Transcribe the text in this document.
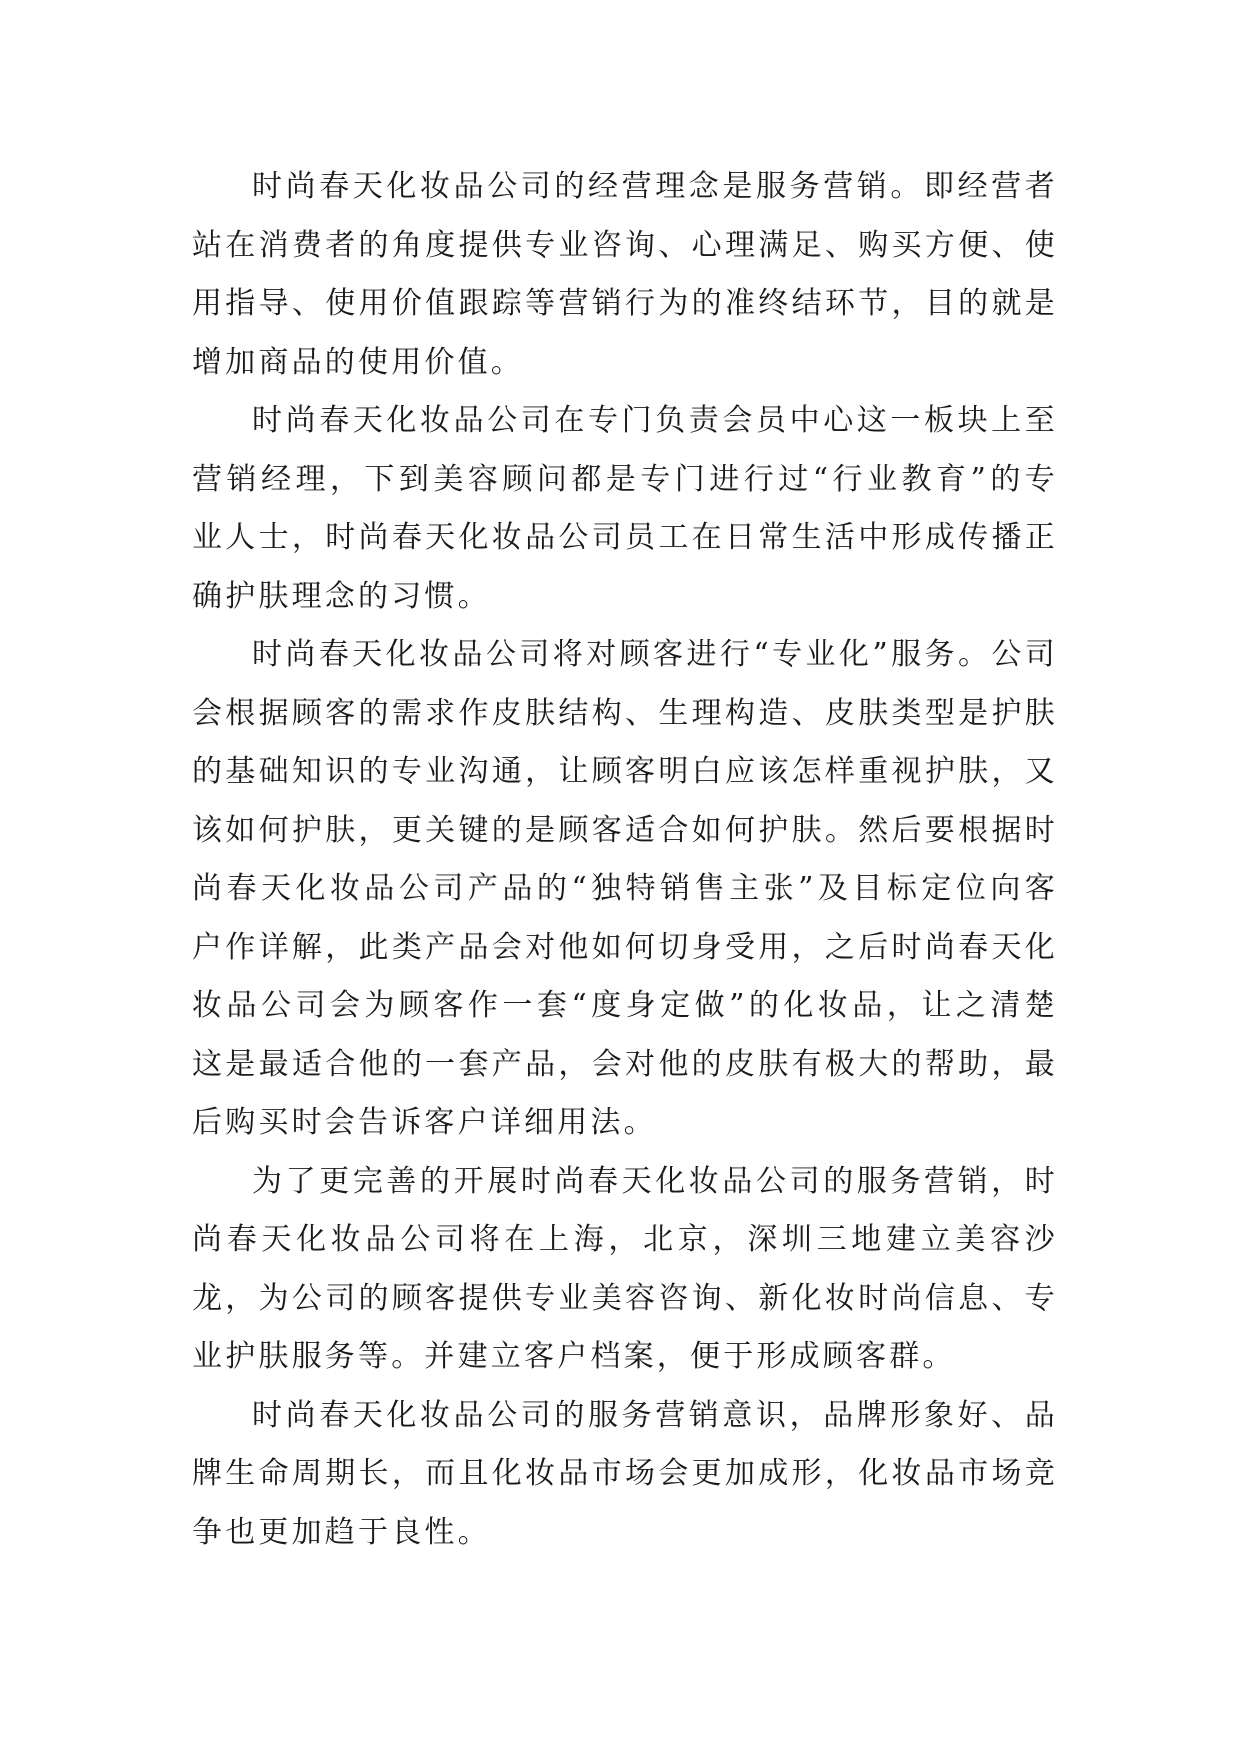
时尚春天化妆品公司的经营理念是服务营销。即经营者站在消费者的角度提供专业咨询、心理满足、购买方便、使用指导、使用价值跟踪等营销行为的准终结环节，目的就是增加商品的使用价值。

时尚春天化妆品公司在专门负责会员中心这一板块上至营销经理，下到美容顾问都是专门进行过“行业教育”的专业人士，时尚春天化妆品公司员工在日常生活中形成传播正确护肤理念的习惯。

时尚春天化妆品公司将对顾客进行“专业化”服务。公司会根据顾客的需求作皮肤结构、生理构造、皮肤类型是护肤的基础知识的专业沟通，让顾客明白应该怎样重视护肤，又该如何护肤，更关键的是顾客适合如何护肤。然后要根据时尚春天化妆品公司产品的“独特销售主张”及目标定位向客户作详解，此类产品会对他如何切身受用，之后时尚春天化妆品公司会为顾客作一套“度身定做”的化妆品，让之清楚这是最适合他的一套产品，会对他的皮肤有极大的帮助，最后购买时会告诉客户详细用法。

为了更完善的开展时尚春天化妆品公司的服务营销，时尚春天化妆品公司将在上海，北京，深圳三地建立美容沙龙，为公司的顾客提供专业美容咨询、新化妆时尚信息、专业护肤服务等。并建立客户档案，便于形成顾客群。

时尚春天化妆品公司的服务营销意识，品牌形象好、品牌生命周期长，而且化妆品市场会更加成形，化妆品市场竞争也更加趋于良性。
